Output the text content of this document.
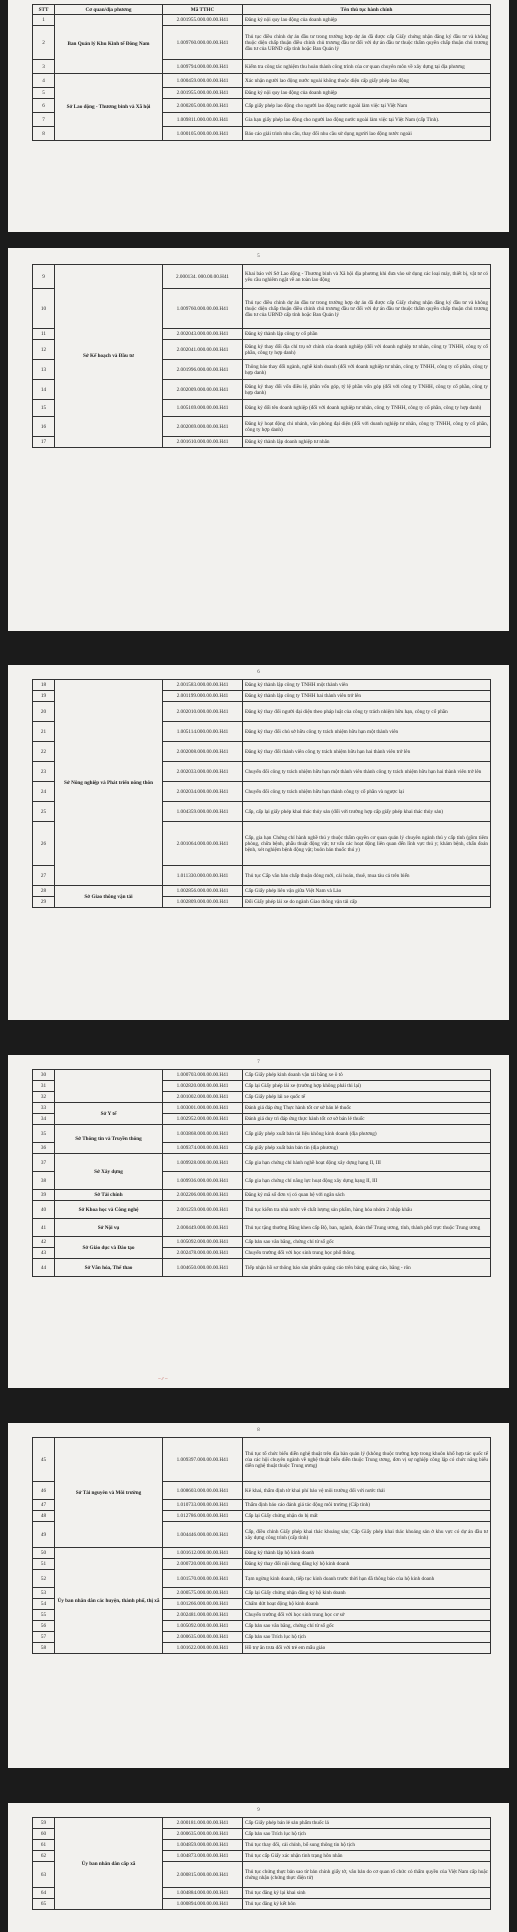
STT	Cơ quan/địa phương	Mã TTHC	Tên thủ tục hành chính
1	Ban Quản lý Khu Kinh tế Đông Nam	2.001955.000.00.00.H41	Đăng ký nội quy lao động của doanh nghiệp
2		1.009760.000.00.00.H41	Thủ tục điều chỉnh dự án đầu tư trong trường hợp dự án đã được cấp Giấy chứng nhận đăng ký đầu tư và không thuộc diện chấp thuận điều chỉnh chủ trương đầu tư đối với dự án đầu tư thuộc thẩm quyền chấp thuận chủ trương đầu tư của UBND cấp tỉnh hoặc Ban Quản lý
3		1.009794.000.00.00.H41	Kiểm tra công tác nghiệm thu hoàn thành công trình của cơ quan chuyên môn về xây dựng tại địa phương
4	Sở Lao động - Thương binh và Xã hội	1.000459.000.00.00.H41	Xác nhận người lao động nước ngoài không thuộc diện cấp giấy phép lao động
5		2.001955.000.00.00.H41	Đăng ký nội quy lao động của doanh nghiệp
6		2.000205.000.00.00.H41	Cấp giấy phép lao động cho người lao động nước ngoài làm việc tại Việt Nam
7		1.009811.000.00.00.H41	Gia hạn giấy phép lao động cho người lao động nước ngoài làm việc tại Việt Nam (cấp Tỉnh).
8		1.000105.000.00.00.H41	Báo cáo giải trình nhu cầu, thay đổi nhu cầu sử dụng người lao động nước ngoài
5
9	Sở Kế hoạch và Đầu tư	2.000134. 000.00.00.H41	Khai báo với Sở Lao động - Thương binh và Xã hội địa phương khi đưa vào sử dụng các loại máy, thiết bị, vật tư có yêu cầu nghiêm ngặt về an toàn lao động
10		1.009760.000.00.00.H41	Thủ tục điều chỉnh dự án đầu tư trong trường hợp dự án đã được cấp Giấy chứng nhận đăng ký đầu tư và không thuộc diện chấp thuận điều chỉnh chủ trương đầu tư đối với dự án đầu tư thuộc thẩm quyền chấp thuận chủ trương đầu tư của UBND cấp tỉnh hoặc Ban Quản lý
11		2.002043.000.00.00.H41	Đăng ký thành lập công ty cổ phần
12		2.002041.000.00.00.H41	Đăng ký thay đổi địa chỉ trụ sở chính của doanh nghiệp (đối với doanh nghiệp tư nhân, công ty TNHH, công ty cổ phần, công ty hợp danh)
13		2.001996.000.00.00.H41	Thông báo thay đổi ngành, nghề kinh doanh (đối với doanh nghiệp tư nhân, công ty TNHH, công ty cổ phần, công ty hợp danh)
14		2.002009.000.00.00.H41	Đăng ký thay đổi vốn điều lệ, phần vốn góp, tỷ lệ phần vốn góp (đối với công ty TNHH, công ty cổ phần, công ty hợp danh)
15		1.005169.000.00.00.H41	Đăng ký đổi tên doanh nghiệp (đối với doanh nghiệp tư nhân, công ty TNHH, công ty cổ phần, công ty hợp danh)
16		2.002069.000.00.00.H41	Đăng ký hoạt động chi nhánh, văn phòng đại diện (đối với doanh nghiệp tư nhân, công ty TNHH, công ty cổ phần, công ty hợp danh)
17		2.001610.000.00.00.H41	Đăng ký thành lập doanh nghiệp tư nhân
6
18	Sở Nông nghiệp và Phát triển nông thôn	2.001583.000.00.00.H41	Đăng ký thành lập công ty TNHH một thành viên
19		2.001199.000.00.00.H41	Đăng ký thành lập công ty TNHH hai thành viên trở lên
20		2.002010.000.00.00.H41	Đăng ký thay đổi người đại diện theo pháp luật của công ty trách nhiệm hữu hạn, công ty cổ phần
21		1.005114.000.00.00.H41	Đăng ký thay đổi chủ sở hữu công ty trách nhiệm hữu hạn một thành viên
22		2.002008.000.00.00.H41	Đăng ký thay đổi thành viên công ty trách nhiệm hữu hạn hai thành viên trở lên
23		2.002033.000.00.00.H41	Chuyển đổi công ty trách nhiệm hữu hạn một thành viên thành công ty trách nhiệm hữu hạn hai thành viên trở lên
24		2.002034.000.00.00.H41	Chuyển đổi công ty trách nhiệm hữu hạn thành công ty cổ phần và ngược lại
25		1.004359.000.00.00.H41	Cấp, cấp lại giấy phép khai thác thủy sản (đối với trường hợp cấp giấy phép khai thác thủy sản)
26		2.001064.000.00.00.H41	Cấp, gia hạn Chứng chỉ hành nghề thú y thuộc thẩm quyền cơ quan quản lý chuyên ngành thú y cấp tỉnh (gồm tiêm phòng, chữa bệnh, phẫu thuật động vật; tư vấn các hoạt động liên quan đến lĩnh vực thú y; khám bệnh, chẩn đoán bệnh, xét nghiệm bệnh động vật; buôn bán thuốc thú y)
27		1.011330.000.00.00.H41	Thủ tục Cấp văn bản chấp thuận đóng mới, cải hoán, thuê, mua tàu cá trên biển
28	Sở Giao thông vận tải	1.002856.000.00.00.H41	Cấp Giấy phép liên vận giữa Việt Nam và Lào
29		1.002809.000.00.00.H41	Đổi Giấy phép lái xe do ngành Giao thông vận tải cấp
7
30		1.000703.000.00.00.H41	Cấp Giấy phép kinh doanh vận tải bằng xe ô tô
31		1.002820.000.00.00.H41	Cấp lại Giấy phép lái xe (trường hợp không phải thi lại)
32		2.001002.000.00.00.H41	Cấp Giấy phép lái xe quốc tế
33	Sở Y tế	1.003001.000.00.00.H41	Đánh giá đáp ứng Thực hành tốt cơ sở bán lẻ thuốc
34		1.002952.000.00.00.H41	Đánh giá duy trì đáp ứng thực hành tốt cơ sở bán lẻ thuốc
35	Sở Thông tin và Truyền thông	1.003868.000.00.00.H41	Cấp giấy phép xuất bản tài liệu không kinh doanh (địa phương)
36		1.009374.000.00.00.H41	Cấp giấy phép xuất bản bản tin (địa phương)
37	Sở Xây dựng	1.009928.000.00.00.H41	Cấp gia hạn chứng chỉ hành nghề hoạt động xây dựng hạng II, III
38		1.009936.000.00.00.H41	Cấp gia hạn chứng chỉ năng lực hoạt động xây dựng hạng II, III
39	Sở Tài chính	2.002206.000.00.00.H41	Đăng ký mã số đơn vị có quan hệ với ngân sách
40	Sở Khoa học và Công nghệ	2.001259.000.00.00.H41	Thủ tục kiểm tra nhà nước về chất lượng sản phẩm, hàng hóa nhóm 2 nhập khẩu
41	Sở Nội vụ	2.000449.000.00.00.H41	Thủ tục tặng thưởng Bằng khen cấp Bộ, ban, ngành, đoàn thể Trung ương, tỉnh, thành phố trực thuộc Trung ương
42	Sở Giáo dục và Đào tạo	1.005092.000.00.00.H41	Cấp bản sao văn bằng, chứng chỉ từ sổ gốc
43		2.002478.000.00.00.H41	Chuyển trường đối với học sinh trung học phổ thông.
44	Sở Văn hóa, Thể thao	1.004650.000.00.00.H41	Tiếp nhận hồ sơ thông báo sản phẩm quảng cáo trên bảng quảng cáo, băng - rôn
~ ⁄⁄ ~
8
45	Sở Tài nguyên và Môi trường	1.009397.000.00.00.H41	Thủ tục tổ chức biểu diễn nghệ thuật trên địa bàn quản lý (không thuộc trường hợp trong khuôn khổ hợp tác quốc tế của các hội chuyên ngành về nghệ thuật biểu diễn thuộc Trung ương, đơn vị sự nghiệp công lập có chức năng biểu diễn nghệ thuật thuộc Trung ương)
46		1.008603.000.00.00.H41	Kê khai, thẩm định tờ khai phí bảo vệ môi trường đối với nước thải
47		1.010733.000.00.00.H41	Thẩm định báo cáo đánh giá tác động môi trường (Cấp tỉnh)
48		1.012786.000.00.00.H41	Cấp lại Giấy chứng nhận do bị mất
49		1.004446.000.00.00.H41	Cấp, điều chỉnh Giấy phép khai thác khoáng sản; Cấp Giấy phép khai thác khoáng sản ở khu vực có dự án đầu tư xây dựng công trình (cấp tỉnh)
50	Ủy ban nhân dân các huyện, thành phố, thị xã	1.001612.000.00.00.H41	Đăng ký thành lập hộ kinh doanh
51		2.000720.000.00.00.H41	Đăng ký thay đổi nội dung đăng ký hộ kinh doanh
52		1.001570.000.00.00.H41	Tạm ngừng kinh doanh, tiếp tục kinh doanh trước thời hạn đã thông báo của hộ kinh doanh
53		2.000575.000.00.00.H41	Cấp lại Giấy chứng nhận đăng ký hộ kinh doanh
54		1.001266.000.00.00.H41	Chấm dứt hoạt động hộ kinh doanh
55		2.002481.000.00.00.H41	Chuyển trường đối với học sinh trung học cơ sở
56		1.005092.000.00.00.H41	Cấp bản sao văn bằng, chứng chỉ từ sổ gốc
57		2.000635.000.00.00.H41	Cấp bản sao Trích lục hộ tịch
58		1.001622.000.00.00.H41	Hỗ trợ ăn trưa đối với trẻ em mẫu giáo
9
59	Ủy ban nhân dân cấp xã	2.000181.000.00.00.H41	Cấp Giấy phép bán lẻ sản phẩm thuốc lá
60		2.000635.000.00.00.H41	Cấp bản sao Trích lục hộ tịch
61		1.004859.000.00.00.H41	Thủ tục thay đổi, cải chính, bổ sung thông tin hộ tịch
62		1.004873.000.00.00.H41	Thủ tục cấp Giấy xác nhận tình trạng hôn nhân
63		2.000815.000.00.00.H41	Thủ tục chứng thực bản sao từ bản chính giấy tờ, văn bản do cơ quan tổ chức có thẩm quyền của Việt Nam cấp hoặc chứng nhận (chứng thực điện tử)
64		1.004884.000.00.00.H41	Thủ tục đăng ký lại khai sinh
65		1.000894.000.00.00.H41	Thủ tục đăng ký kết hôn
